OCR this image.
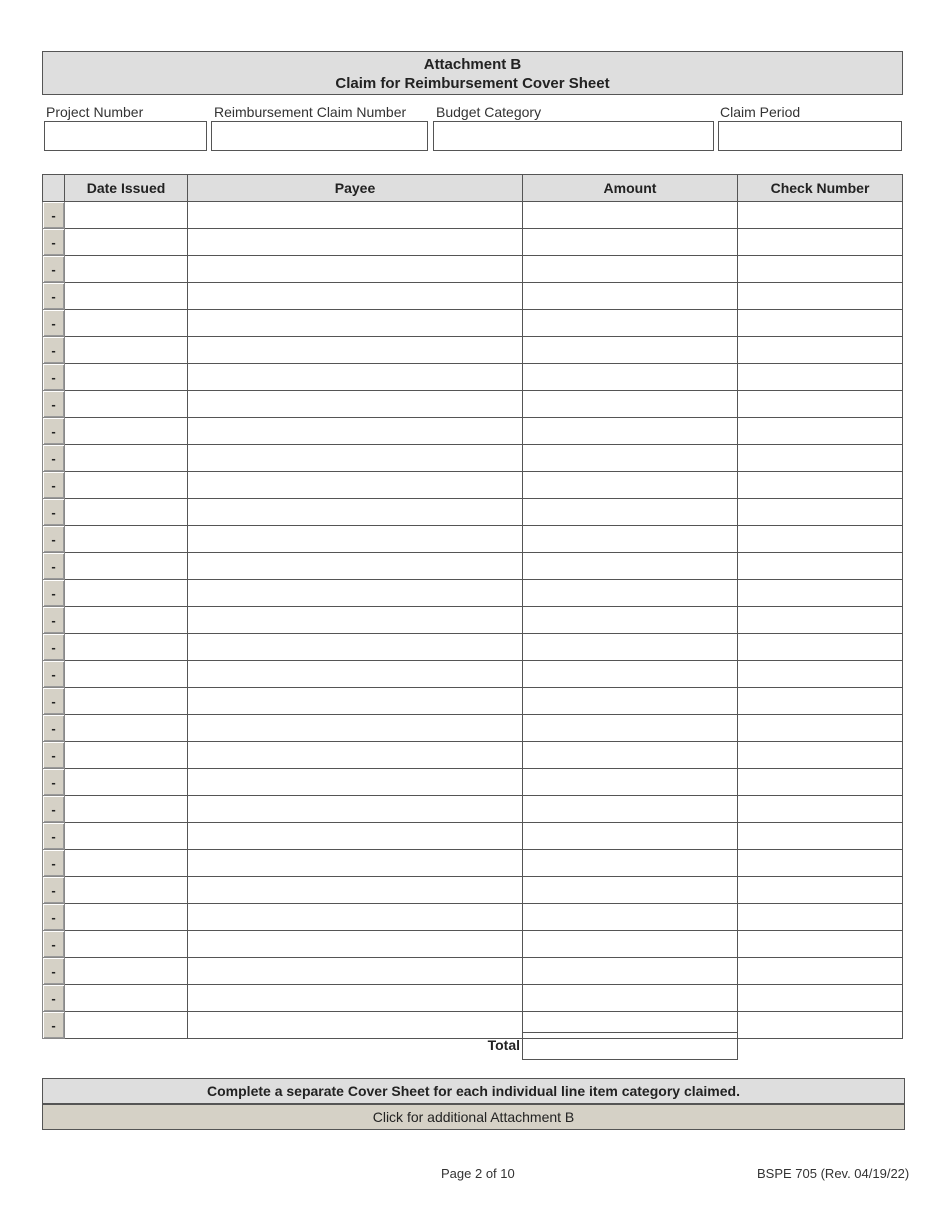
Attachment B
Claim for Reimbursement Cover Sheet
Project Number	Reimbursement Claim Number Budget Category	Claim Period
	Date Issued	Payee	Amount	Check Number
-				
-				
-				
-				
-				
-				
-				
-				
-				
-				
-				
-				
-				
-				
-				
-				
-				
-				
-				
-				
-				
-				
-				
-				
-				
-				
-				
-				
-				
-				
-				
Total
Complete a separate Cover Sheet for each individual line item category claimed.
Click for additional Attachment B
Page 2 of 10	BSPE 705 (Rev. 04/19/22)
